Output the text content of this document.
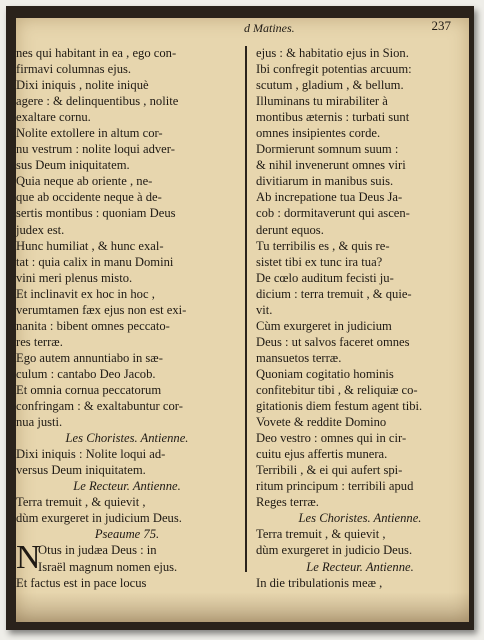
d Matines.	237
nes qui habitant in ea , ego con-
firmavi columnas ejus.
Dixi iniquis , nolite iniquè
agere : & delinquentibus , nolite
exaltare cornu.
Nolite extollere in altum cor-
nu vestrum : nolite loqui adver-
sus Deum iniquitatem.
Quia neque ab oriente , ne-
que ab occidente neque à de-
sertis montibus : quoniam Deus
judex est.
Hunc humiliat , & hunc exal-
tat : quia calix in manu Domini
vini meri plenus misto.
Et inclinavit ex hoc in hoc ,
verumtamen fæx ejus non est exi-
nanita : bibent omnes peccato-
res terræ.
Ego autem annuntiabo in sæ-
culum : cantabo Deo Jacob.
Et omnia cornua peccatorum
confringam : & exaltabuntur cor-
nua justi.
Les Choristes. Antienne.
Dixi iniquis : Nolite loqui ad-
versus Deum iniquitatem.
Le Recteur. Antienne.
Terra tremuit , & quievit ,
dùm exurgeret in judicium Deus.
Pseaume 75.
N
Otus in judæa Deus : in
Israël magnum nomen ejus.
Et factus est in pace locus
ejus : & habitatio ejus in Sion.
Ibi confregit potentias arcuum:
scutum , gladium , & bellum.
Illuminans tu mirabiliter à
montibus æternis : turbati sunt
omnes insipientes corde.
Dormierunt somnum suum :
& nihil invenerunt omnes viri
divitiarum in manibus suis.
Ab increpatione tua Deus Ja-
cob : dormitaverunt qui ascen-
derunt equos.
Tu terribilis es , & quis re-
sistet tibi ex tunc ira tua?
De cœlo auditum fecisti ju-
dicium : terra tremuit , & quie-
vit.
Cùm exurgeret in judicium
Deus : ut salvos faceret omnes
mansuetos terræ.
Quoniam cogitatio hominis
confitebitur tibi , & reliquiæ co-
gitationis diem festum agent tibi.
Vovete & reddite Domino
Deo vestro : omnes qui in cir-
cuitu ejus affertis munera.
Terribili , & ei qui aufert spi-
ritum principum : terribili apud
Reges terræ.
Les Choristes. Antienne.
Terra tremuit , & quievit ,
dùm exurgeret in judicio Deus.
Le Recteur. Antienne.
In die tribulationis meæ ,
